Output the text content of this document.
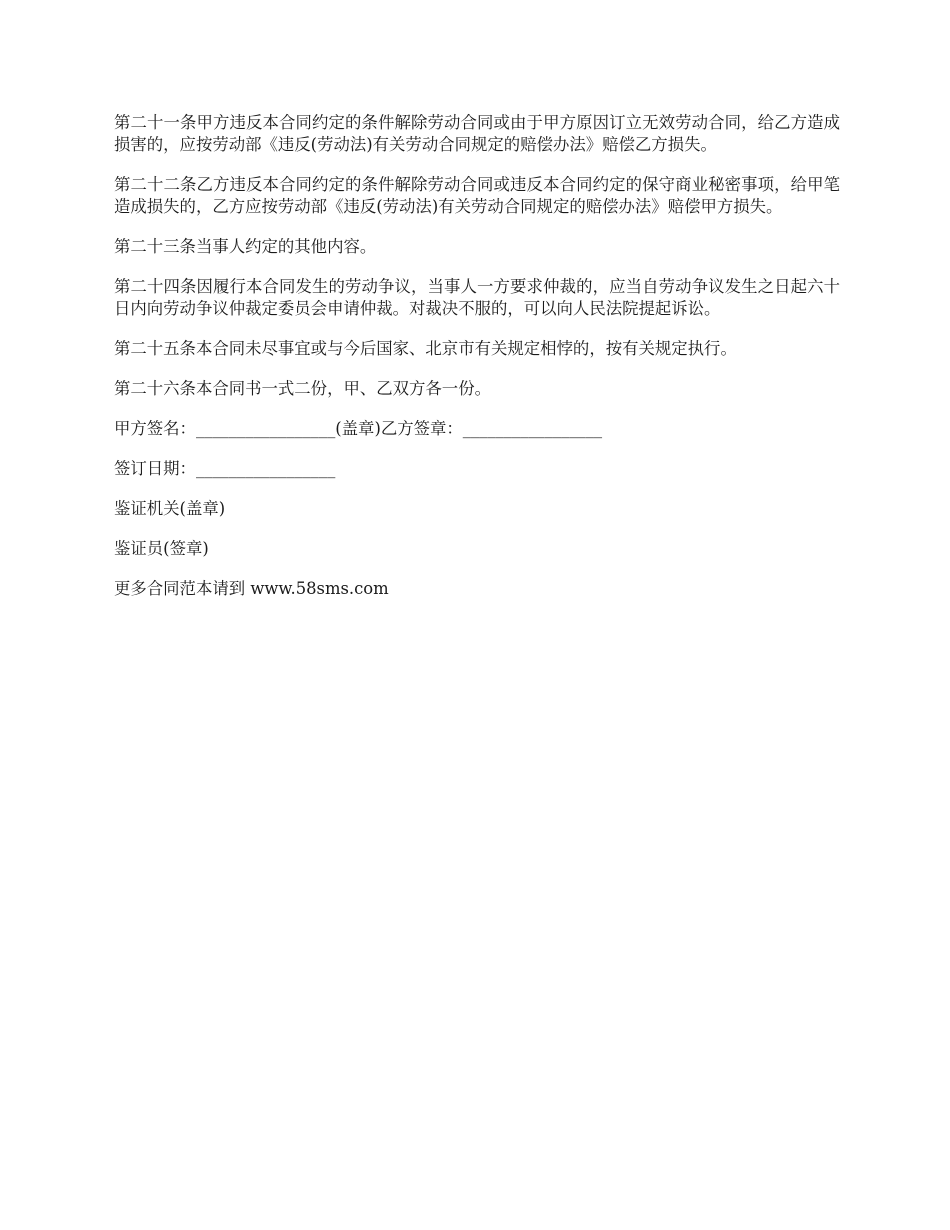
第二十一条甲方违反本合同约定的条件解除劳动合同或由于甲方原因订立无效劳动合同，给乙方造成损害的，应按劳动部《违反(劳动法)有关劳动合同规定的赔偿办法》赔偿乙方损失。

第二十二条乙方违反本合同约定的条件解除劳动合同或违反本合同约定的保守商业秘密事项，给甲笔造成损失的，乙方应按劳动部《违反(劳动法)有关劳动合同规定的赔偿办法》赔偿甲方损失。

第二十三条当事人约定的其他内容。

第二十四条因履行本合同发生的劳动争议，当事人一方要求仲裁的，应当自劳动争议发生之日起六十日内向劳动争议仲裁定委员会申请仲裁。对裁决不服的，可以向人民法院提起诉讼。

第二十五条本合同未尽事宜或与今后国家、北京市有关规定相悖的，按有关规定执行。

第二十六条本合同书一式二份，甲、乙双方各一份。

甲方签名：_________________(盖章)乙方签章：_________________

签订日期：_________________

鉴证机关(盖章)

鉴证员(签章)

更多合同范本请到 www.58sms.com
